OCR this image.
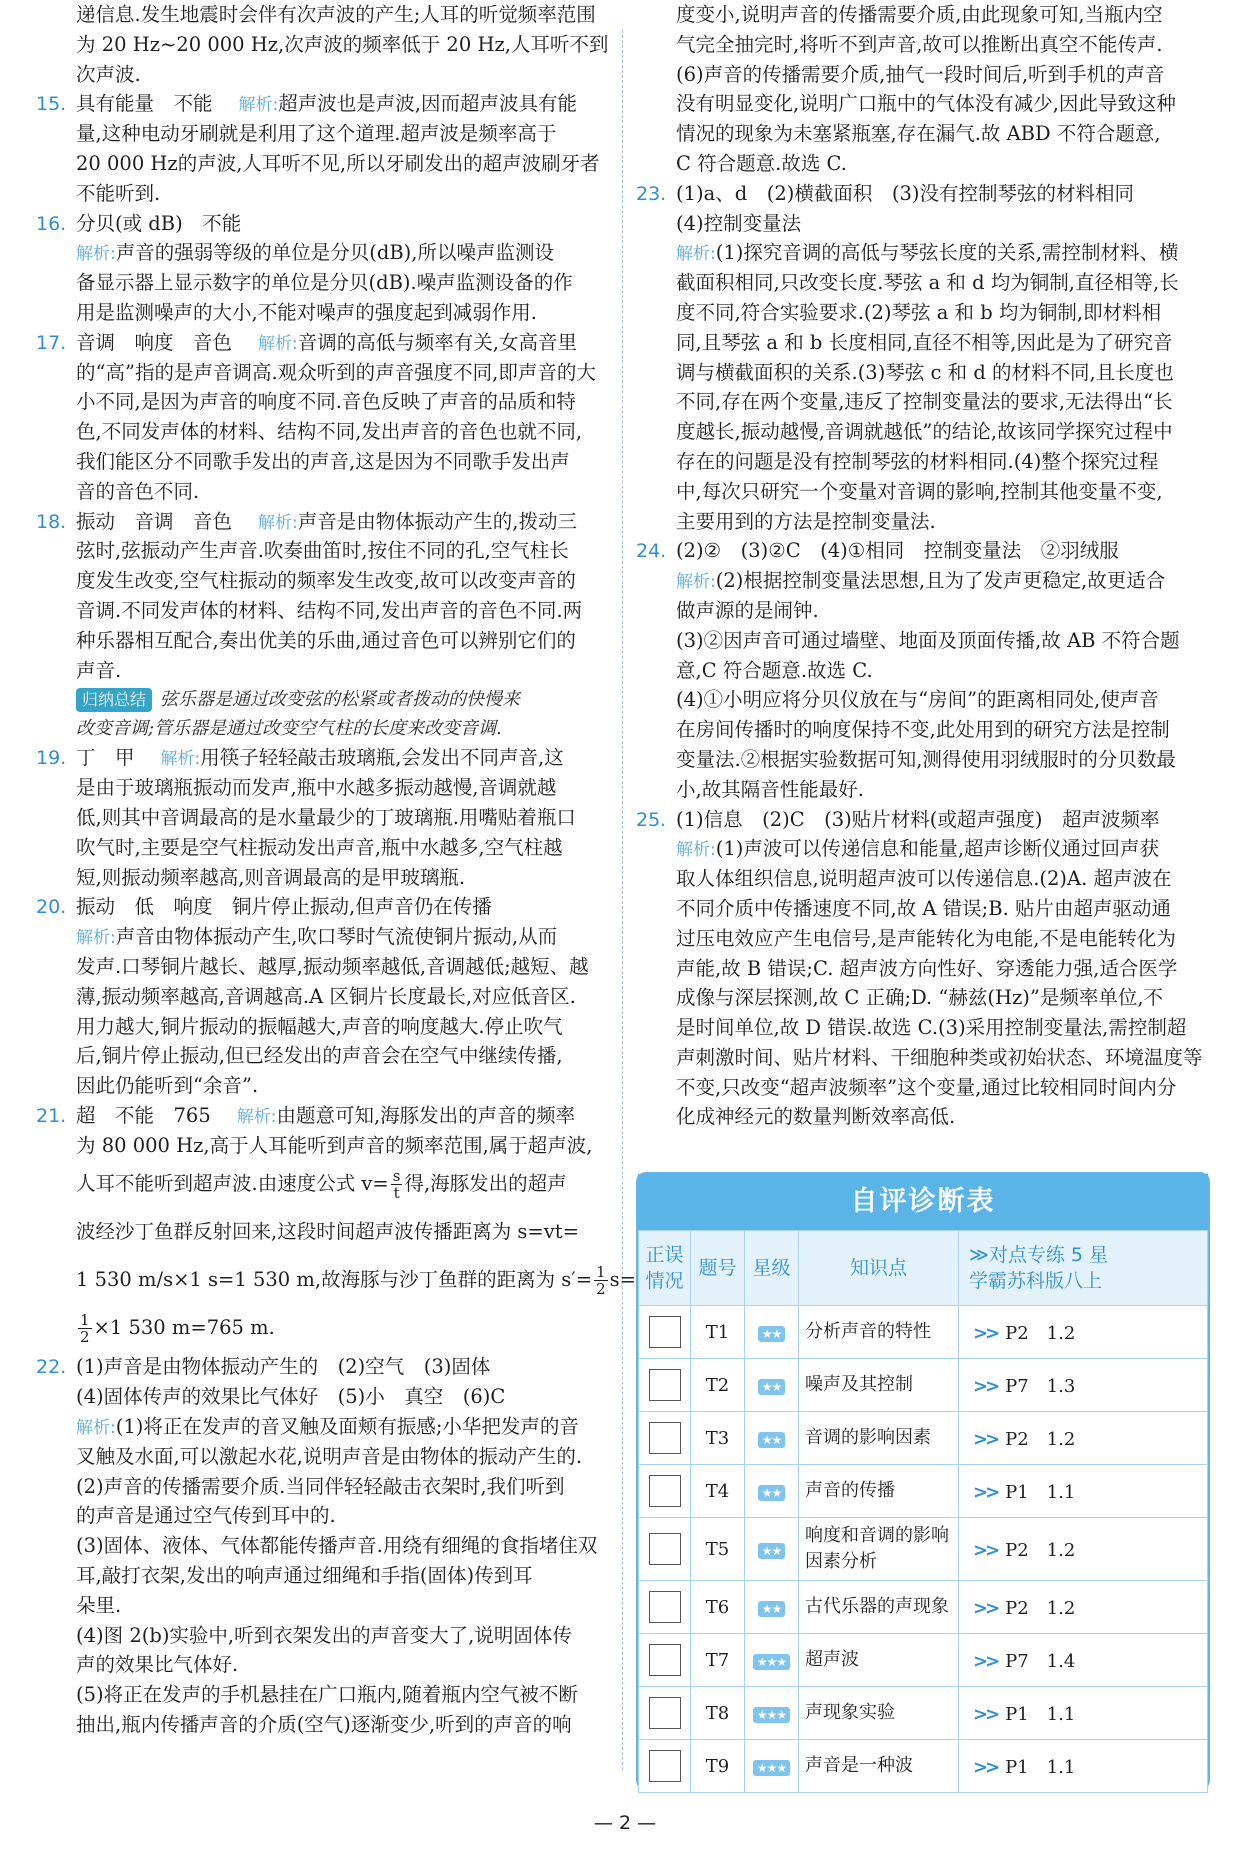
递信息.发生地震时会伴有次声波的产生;人耳的听觉频率范围

为 20 Hz~20 000 Hz,次声波的频率低于 20 Hz,人耳听不到

次声波.

15. 具有能量　不能 解析:超声波也是声波,因而超声波具有能

量,这种电动牙刷就是利用了这个道理.超声波是频率高于

20 000 Hz的声波,人耳听不见,所以牙刷发出的超声波刷牙者

不能听到.

16. 分贝(或 dB)　不能

解析:声音的强弱等级的单位是分贝(dB),所以噪声监测设

备显示器上显示数字的单位是分贝(dB).噪声监测设备的作

用是监测噪声的大小,不能对噪声的强度起到减弱作用.

17. 音调　响度　音色 解析:音调的高低与频率有关,女高音里

的“高”指的是声音调高.观众听到的声音强度不同,即声音的大

小不同,是因为声音的响度不同.音色反映了声音的品质和特

色,不同发声体的材料、结构不同,发出声音的音色也就不同,

我们能区分不同歌手发出的声音,这是因为不同歌手发出声

音的音色不同.

18. 振动　音调　音色 解析:声音是由物体振动产生的,拨动三

弦时,弦振动产生声音.吹奏曲笛时,按住不同的孔,空气柱长

度发生改变,空气柱振动的频率发生改变,故可以改变声音的

音调.不同发声体的材料、结构不同,发出声音的音色不同.两

种乐器相互配合,奏出优美的乐曲,通过音色可以辨别它们的

声音.

归纳总结 弦乐器是通过改变弦的松紧或者拨动的快慢来

改变音调;管乐器是通过改变空气柱的长度来改变音调.

19. 丁　甲 解析:用筷子轻轻敲击玻璃瓶,会发出不同声音,这

是由于玻璃瓶振动而发声,瓶中水越多振动越慢,音调就越

低,则其中音调最高的是水量最少的丁玻璃瓶.用嘴贴着瓶口

吹气时,主要是空气柱振动发出声音,瓶中水越多,空气柱越

短,则振动频率越高,则音调最高的是甲玻璃瓶.

20. 振动　低　响度　铜片停止振动,但声音仍在传播

解析:声音由物体振动产生,吹口琴时气流使铜片振动,从而

发声.口琴铜片越长、越厚,振动频率越低,音调越低;越短、越

薄,振动频率越高,音调越高.A 区铜片长度最长,对应低音区.

用力越大,铜片振动的振幅越大,声音的响度越大.停止吹气

后,铜片停止振动,但已经发出的声音会在空气中继续传播,

因此仍能听到“余音”.

21. 超　不能　765 解析:由题意可知,海豚发出的声音的频率

为 80 000 Hz,高于人耳能听到声音的频率范围,属于超声波,

人耳不能听到超声波.由速度公式 $v= \frac{s}{t}$ 得,海豚发出的超声

波经沙丁鱼群反射回来,这段时间超声波传播距离为 s=vt=

1 530 m/s×1 s=1 530 m,故海豚与沙丁鱼群的距离为 $s'= \frac{1}{2} s=$

$\frac{1}{2} \times 1$ 530 m=765 m.

22. (1)声音是由物体振动产生的　(2)空气　(3)固体

(4)固体传声的效果比气体好　(5)小　真空　(6)C

解析:(1)将正在发声的音叉触及面颊有振感;小华把发声的音

叉触及水面,可以激起水花,说明声音是由物体的振动产生的.

(2)声音的传播需要介质.当同伴轻轻敲击衣架时,我们听到

的声音是通过空气传到耳中的.

(3)固体、液体、气体都能传播声音.用绕有细绳的食指堵住双

耳,敲打衣架,发出的响声通过细绳和手指(固体)传到耳

朵里.

(4)图 2(b)实验中,听到衣架发出的声音变大了,说明固体传

声的效果比气体好.

(5)将正在发声的手机悬挂在广口瓶内,随着瓶内空气被不断

抽出,瓶内传播声音的介质(空气)逐渐变少,听到的声音的响

度变小,说明声音的传播需要介质,由此现象可知,当瓶内空

气完全抽完时,将听不到声音,故可以推断出真空不能传声.

(6)声音的传播需要介质,抽气一段时间后,听到手机的声音

没有明显变化,说明广口瓶中的气体没有减少,因此导致这种

情况的现象为未塞紧瓶塞,存在漏气.故 ABD 不符合题意,

C 符合题意.故选 C.

23. (1)a、d　(2)横截面积　(3)没有控制琴弦的材料相同

(4)控制变量法

解析:(1)探究音调的高低与琴弦长度的关系,需控制材料、横

截面积相同,只改变长度.琴弦 a 和 d 均为铜制,直径相等,长

度不同,符合实验要求.(2)琴弦 a 和 b 均为铜制,即材料相

同,且琴弦 a 和 b 长度相同,直径不相等,因此是为了研究音

调与横截面积的关系.(3)琴弦 c 和 d 的材料不同,且长度也

不同,存在两个变量,违反了控制变量法的要求,无法得出“长

度越长,振动越慢,音调就越低”的结论,故该同学探究过程中

存在的问题是没有控制琴弦的材料相同.(4)整个探究过程

中,每次只研究一个变量对音调的影响,控制其他变量不变,

主要用到的方法是控制变量法.

24. (2)②　(3)②C　(4)①相同　控制变量法　②羽绒服

解析:(2)根据控制变量法思想,且为了发声更稳定,故更适合

做声源的是闹钟.

(3)②因声音可通过墙壁、地面及顶面传播,故 AB 不符合题

意,C 符合题意.故选 C.

(4)①小明应将分贝仪放在与“房间”的距离相同处,使声音

在房间传播时的响度保持不变,此处用到的研究方法是控制

变量法.②根据实验数据可知,测得使用羽绒服时的分贝数最

小,故其隔音性能最好.

25. (1)信息　(2)C　(3)贴片材料(或超声强度)　超声波频率

解析:(1)声波可以传递信息和能量,超声诊断仪通过回声获

取人体组织信息,说明超声波可以传递信息.(2)A. 超声波在

不同介质中传播速度不同,故 A 错误;B. 贴片由超声驱动通

过压电效应产生电信号,是声能转化为电能,不是电能转化为

声能,故 B 错误;C. 超声波方向性好、穿透能力强,适合医学

成像与深层探测,故 C 正确;D. “赫兹(Hz)”是频率单位,不

是时间单位,故 D 错误.故选 C.(3)采用控制变量法,需控制超

声刺激时间、贴片材料、干细胞种类或初始状态、环境温度等

不变,只改变“超声波频率”这个变量,通过比较相同时间内分

化成神经元的数量判断效率高低.

自评诊断表
正误
情况	题号	星级	知识点	≫对点专练 5 星
学霸苏科版八上
	T1	★★	分析声音的特性	>> P2　1.2
	T2	★★	噪声及其控制	>> P7　1.3
	T3	★★	音调的影响因素	>> P2　1.2
	T4	★★	声音的传播	>> P1　1.1
	T5	★★	响度和音调的影响因素分析	>> P2　1.2
	T6	★★	古代乐器的声现象	>> P2　1.2
	T7	★★★	超声波	>> P7　1.4
	T8	★★★	声现象实验	>> P1　1.1
	T9	★★★	声音是一种波	>> P1　1.1
— 2 —
